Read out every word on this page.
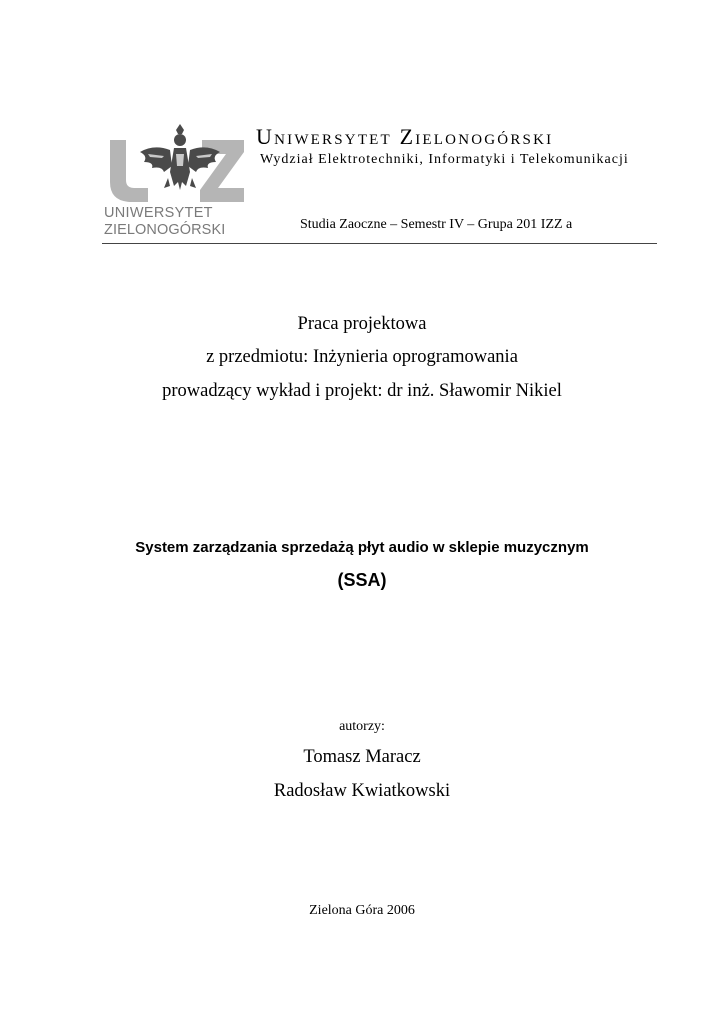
UNIWERSYTET
ZIELONOGÓRSKI
Uniwersytet Zielonogórski
Wydział Elektrotechniki, Informatyki i Telekomunikacji
Studia Zaoczne – Semestr IV – Grupa 201 IZZ a
Praca projektowa
z przedmiotu: Inżynieria oprogramowania
prowadzący wykład i projekt: dr inż. Sławomir Nikiel
System zarządzania sprzedażą płyt audio w sklepie muzycznym
(SSA)
autorzy:
Tomasz Maracz
Radosław Kwiatkowski
Zielona Góra 2006
